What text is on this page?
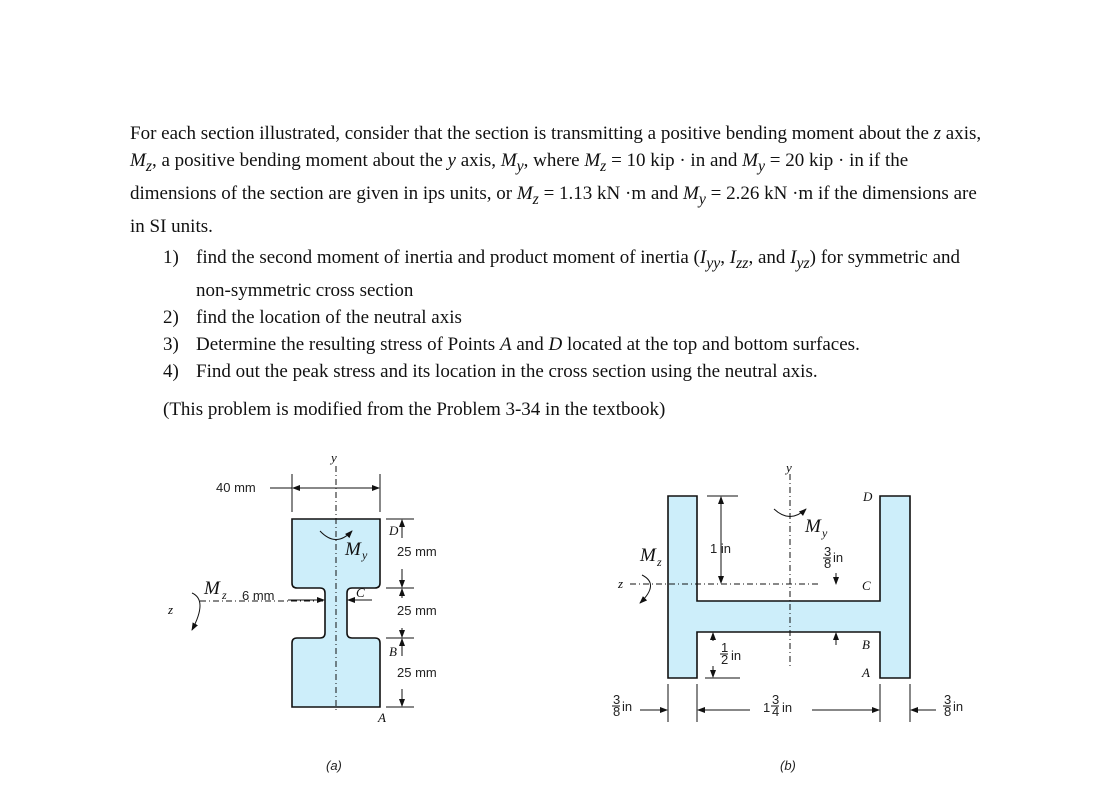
For each section illustrated, consider that the section is transmitting a positive bending moment about the z axis, $M_z$, a positive bending moment about the y axis, $M_y$, where $M_z = 10$ kip · in and $M_y = 20$ kip · in if the dimensions of the section are given in ips units, or $M_z = 1.13$ kN ·m and $M_y = 2.26$ kN ·m if the dimensions are in SI units.

1) find the second moment of inertia and product moment of inertia ($I_{yy}$, $I_{zz}$, and $I_{yz}$) for symmetric and non-symmetric cross section
2) find the location of the neutral axis
3) Determine the resulting stress of Points A and D located at the top and bottom surfaces.
4) Find out the peak stress and its location in the cross section using the neutral axis.
(This problem is modified from the Problem 3-34 in the textbook)
y
z
40 mm
6 mm
25 mm
25 mm
25 mm
D
C
B
A
M y
M z
(a)
y
z
1 in
1
2 in
3
8 in
3
8 in	1
3
4 in
3
8 in
D
C
B
A
M y
M z
(b)
